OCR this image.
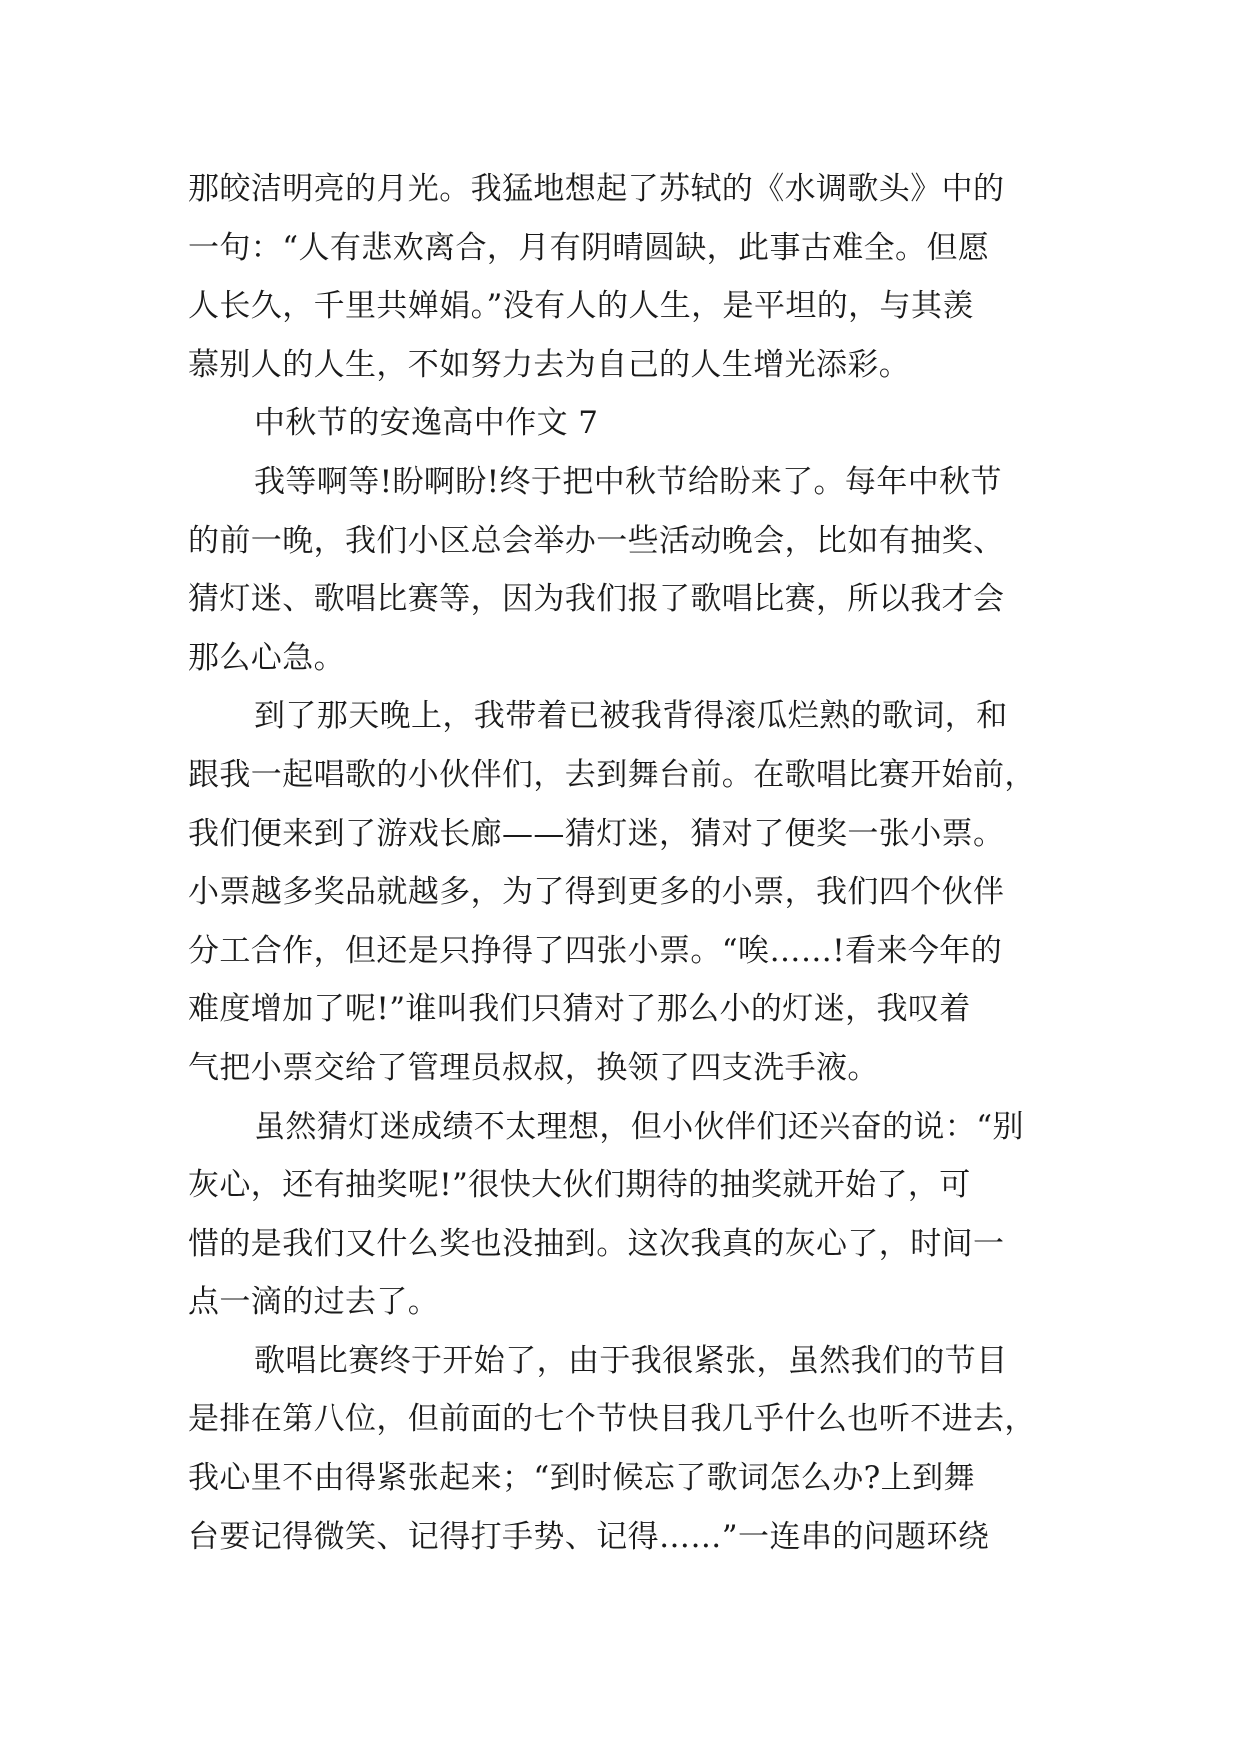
那皎洁明亮的月光。我猛地想起了苏轼的《水调歌头》中的
一句：“人有悲欢离合，月有阴晴圆缺，此事古难全。但愿
人长久，千里共婵娟。”没有人的人生，是平坦的，与其羡
慕别人的人生，不如努力去为自己的人生增光添彩。
中秋节的安逸高中作文 7
我等啊等!盼啊盼!终于把中秋节给盼来了。每年中秋节
的前一晚，我们小区总会举办一些活动晚会，比如有抽奖、
猜灯迷、歌唱比赛等，因为我们报了歌唱比赛，所以我才会
那么心急。
到了那天晚上，我带着已被我背得滚瓜烂熟的歌词，和
跟我一起唱歌的小伙伴们，去到舞台前。在歌唱比赛开始前，
我们便来到了游戏长廊——猜灯迷，猜对了便奖一张小票。
小票越多奖品就越多，为了得到更多的小票，我们四个伙伴
分工合作，但还是只挣得了四张小票。“唉……!看来今年的
难度增加了呢!”谁叫我们只猜对了那么小的灯迷，我叹着
气把小票交给了管理员叔叔，换领了四支洗手液。
虽然猜灯迷成绩不太理想，但小伙伴们还兴奋的说：“别
灰心，还有抽奖呢!”很快大伙们期待的抽奖就开始了，可
惜的是我们又什么奖也没抽到。这次我真的灰心了，时间一
点一滴的过去了。
歌唱比赛终于开始了，由于我很紧张，虽然我们的节目
是排在第八位，但前面的七个节快目我几乎什么也听不进去，
我心里不由得紧张起来；“到时候忘了歌词怎么办?上到舞
台要记得微笑、记得打手势、记得……”一连串的问题环绕
